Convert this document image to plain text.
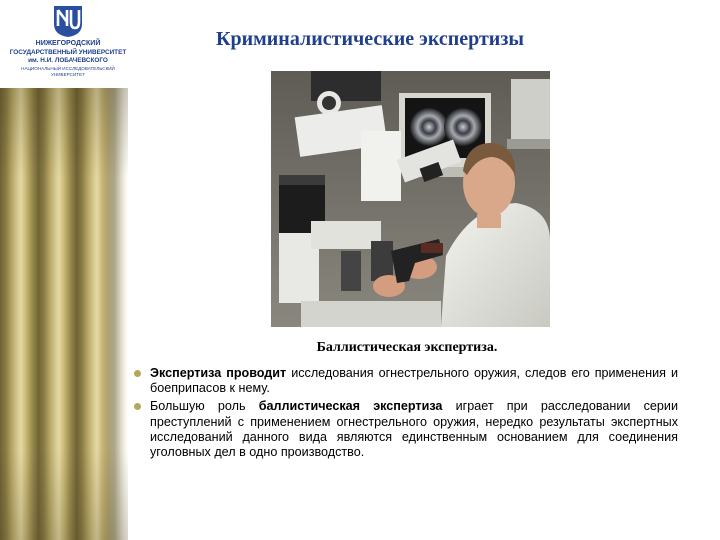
НИЖЕГОРОДСКИЙ
ГОСУДАРСТВЕННЫЙ УНИВЕРСИТЕТ
им. Н.И. ЛОБАЧЕВСКОГО
НАЦИОНАЛЬНЫЙ ИССЛЕДОВАТЕЛЬСКИЙ
УНИВЕРСИТЕТ
Криминалистические экспертизы
Баллистическая экспертиза.
Экспертиза проводит исследования огнестрельного оружия, следов его применения и боеприпасов к нему.
Большую роль баллистическая экспертиза играет при расследовании серии преступлений с применением огнестрельного оружия, нередко результаты экспертных исследований данного вида являются единственным основанием для соединения уголовных дел в одно производство.
